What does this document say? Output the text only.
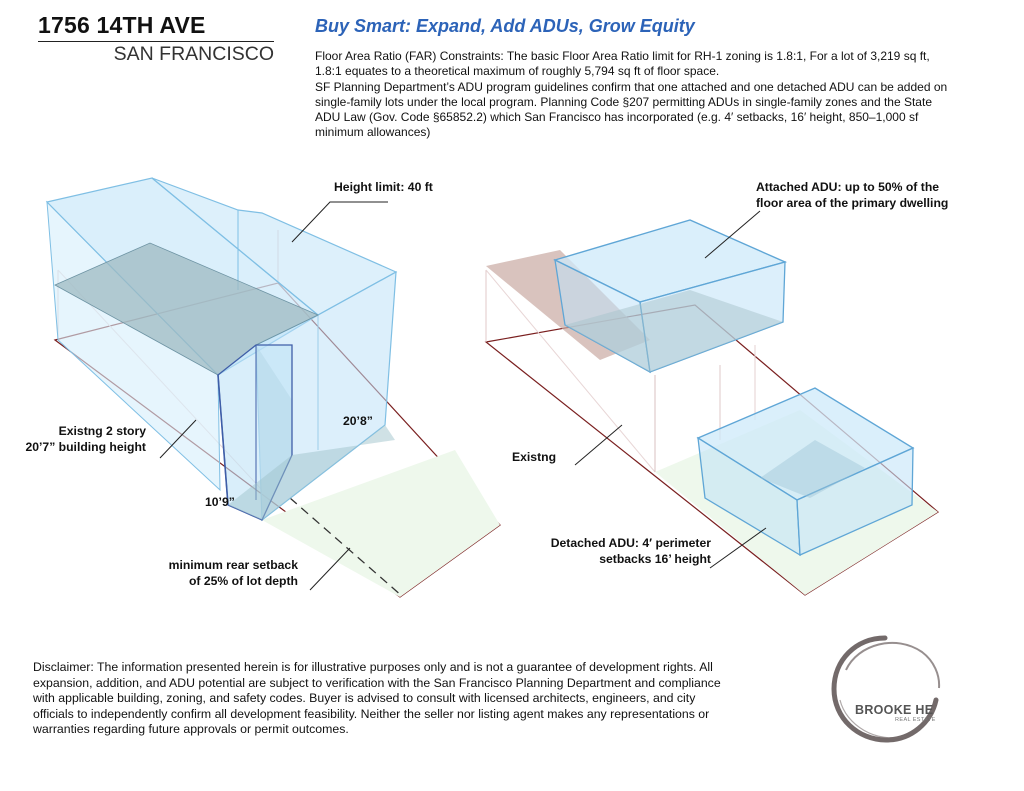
1756 14TH AVE
SAN FRANCISCO
Buy Smart: Expand, Add ADUs, Grow Equity

Floor Area Ratio (FAR) Constraints: The basic Floor Area Ratio limit for RH-1 zoning is 1.8:1, For a lot of 3,219 sq ft,

1.8:1 equates to a theoretical maximum of roughly 5,794 sq ft of floor space.

SF Planning Department’s ADU program guidelines confirm that one attached and one detached ADU can be added on

single-family lots under the local program. Planning Code §207 permitting ADUs in single-family zones and the State

ADU Law (Gov. Code §65852.2) which San Francisco has incorporated (e.g. 4′ setbacks, 16′ height, 850–1,000 sf

minimum allowances)

Height limit: 40 ft
Existng 2 story
20’7” building height
20’8”
10’9”
minimum rear setback
of 25% of lot depth
Attached ADU: up to 50% of the
floor area of the primary dwelling
Existng
Detached ADU: 4′ perimeter
setbacks 16’ height
Disclaimer: The information presented herein is for illustrative purposes only and is not a guarantee of development rights. All
expansion, addition, and ADU potential are subject to verification with the San Francisco Planning Department and compliance
with applicable building, zoning, and safety codes. Buyer is advised to consult with licensed architects, engineers, and city
officials to independently confirm all development feasibility. Neither the seller nor listing agent makes any representations or
warranties regarding future approvals or permit outcomes.
BROOKE HE
REAL ESTATE
